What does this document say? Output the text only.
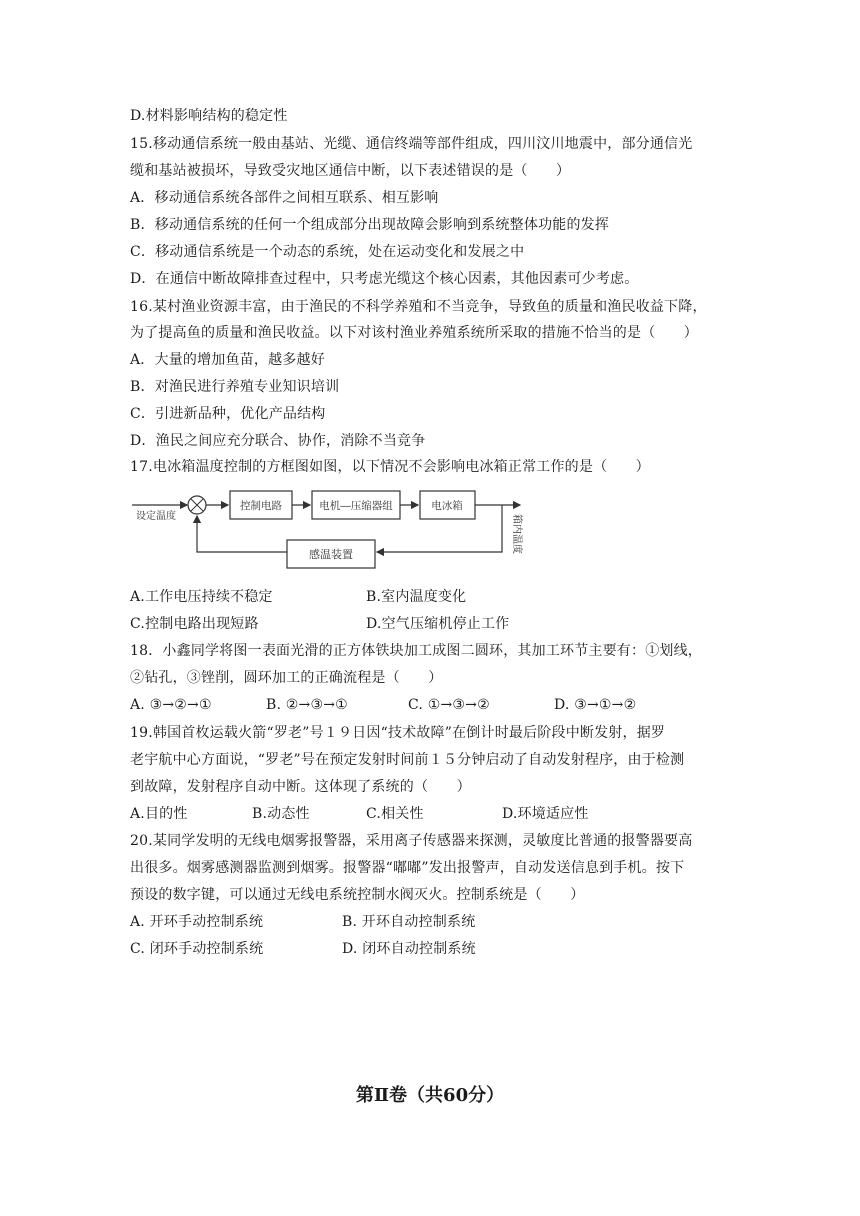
D.材料影响结构的稳定性
15.移动通信系统一般由基站、光缆、通信终端等部件组成，四川汶川地震中，部分通信光
缆和基站被损坏，导致受灾地区通信中断，以下表述错误的是（　　）
A．移动通信系统各部件之间相互联系、相互影响
B．移动通信系统的任何一个组成部分出现故障会影响到系统整体功能的发挥
C．移动通信系统是一个动态的系统，处在运动变化和发展之中
D．在通信中断故障排查过程中，只考虑光缆这个核心因素，其他因素可少考虑。
16.某村渔业资源丰富，由于渔民的不科学养殖和不当竞争，导致鱼的质量和渔民收益下降，
为了提高鱼的质量和渔民收益。以下对该村渔业养殖系统所采取的措施不恰当的是（　　）
A．大量的增加鱼苗，越多越好
B．对渔民进行养殖专业知识培训
C．引进新品种，优化产品结构
D．渔民之间应充分联合、协作，消除不当竞争
17.电冰箱温度控制的方框图如图，以下情况不会影响电冰箱正常工作的是（　　）
设定温度
控制电路	电机—压缩器组	电冰箱
箱内温度
感温装置
A.工作电压持续不稳定	B.室内温度变化
C.控制电路出现短路	D.空气压缩机停止工作
18．小鑫同学将图一表面光滑的正方体铁块加工成图二圆环，其加工环节主要有：①划线，
②钻孔，③锉削，圆环加工的正确流程是（　　）
A. ③→②→①	B. ②→③→①	C. ①→③→②	D. ③→①→②
19.韩国首枚运载火箭“罗老”号１９日因“技术故障”在倒计时最后阶段中断发射，据罗
老宇航中心方面说，“罗老”号在预定发射时间前１５分钟启动了自动发射程序，由于检测
到故障，发射程序自动中断。这体现了系统的（　　）
A.目的性	B.动态性	C.相关性	D.环境适应性
20.某同学发明的无线电烟雾报警器，采用离子传感器来探测，灵敏度比普通的报警器要高
出很多。烟雾感测器监测到烟雾。报警器“嘟嘟”发出报警声，自动发送信息到手机。按下
预设的数字键，可以通过无线电系统控制水阀灭火。控制系统是（　　）
A. 开环手动控制系统	B. 开环自动控制系统
C. 闭环手动控制系统	D. 闭环自动控制系统
第Ⅱ卷（共60分）
